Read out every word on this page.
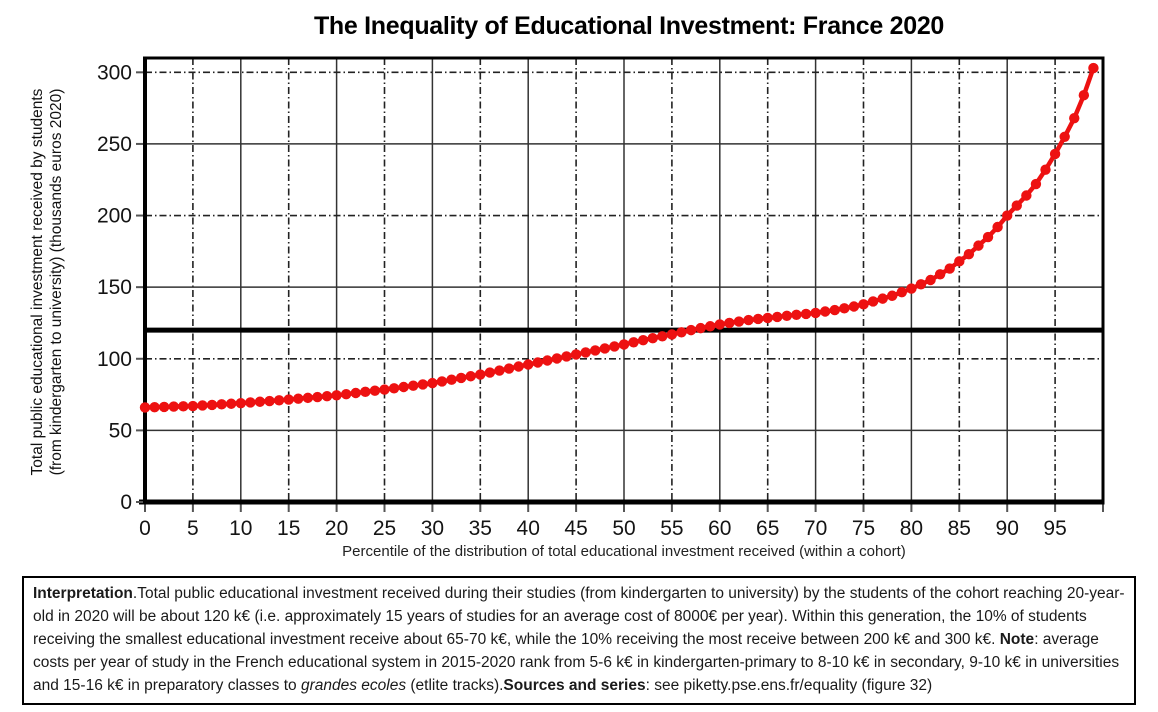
The Inequality of Educational Investment: France 2020
0 5 10 15 20 25 30 35 40 45 50 55 60 65 70 75 80 85 90 95
0
50
100
150
200
250
300
Total public educational investment received by students (from kindergarten to university) (thousands euros 2020)
Percentile of the distribution of total educational investment received (within a cohort)
Interpretation.Total public educational investment received during their studies (from kindergarten to university) by the students of the cohort reaching 20-year-old in 2020 will be about 120 k€ (i.e. approximately 15 years of studies for an average cost of 8000€ per year). Within this generation, the 10% of students receiving the smallest educational investment receive about 65-70 k€, while the 10% receiving the most receive between 200 k€ and 300 k€. Note: average costs per year of study in the French educational system in 2015-2020 rank from 5-6 k€ in kindergarten-primary to 8-10 k€ in secondary, 9-10 k€ in universities and 15-16 k€ in preparatory classes to grandes ecoles (etlite tracks).Sources and series: see piketty.pse.ens.fr/equality (figure 32)
